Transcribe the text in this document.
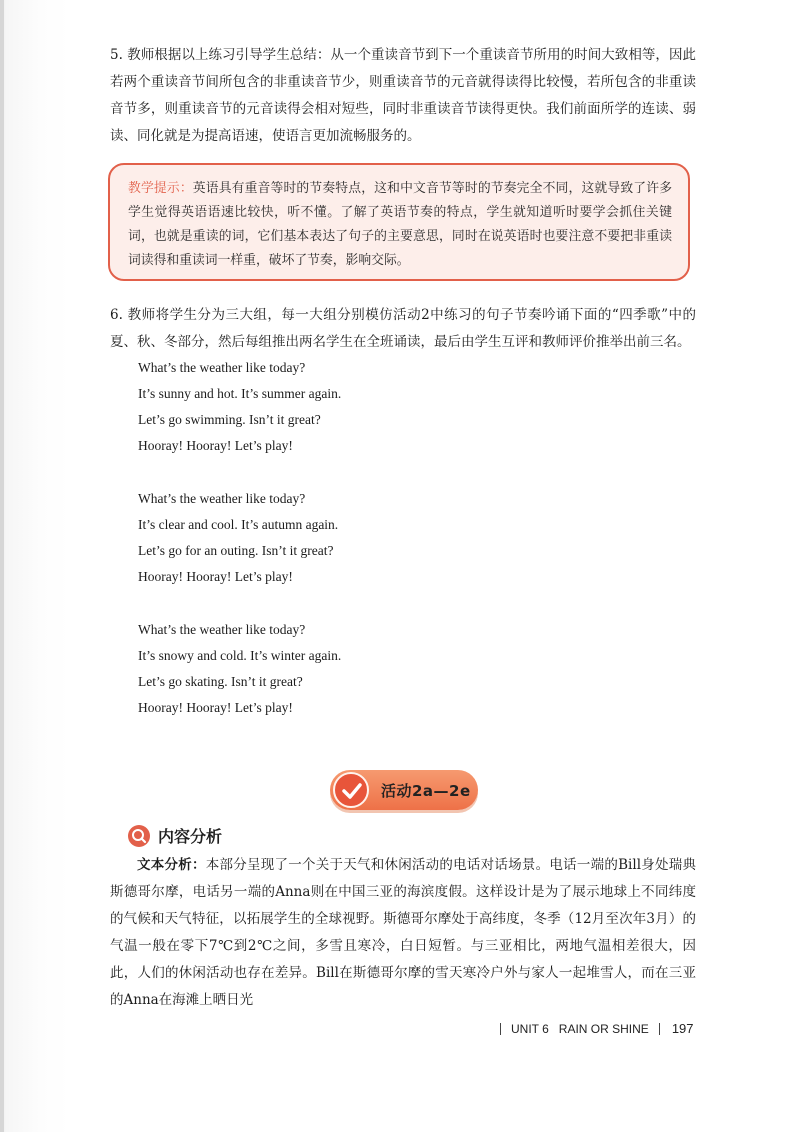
5. 教师根据以上练习引导学生总结：从一个重读音节到下一个重读音节所用的时间大致相等，因此若两个重读音节间所包含的非重读音节少，则重读音节的元音就得读得比较慢，若所包含的非重读音节多，则重读音节的元音读得会相对短些，同时非重读音节读得更快。我们前面所学的连读、弱读、同化就是为提高语速，使语言更加流畅服务的。

教学提示：英语具有重音等时的节奏特点，这和中文音节等时的节奏完全不同，这就导致了许多学生觉得英语语速比较快，听不懂。了解了英语节奏的特点，学生就知道听时要学会抓住关键词，也就是重读的词，它们基本表达了句子的主要意思，同时在说英语时也要注意不要把非重读词读得和重读词一样重，破坏了节奏，影响交际。

6. 教师将学生分为三大组，每一大组分别模仿活动2中练习的句子节奏吟诵下面的“四季歌”中的夏、秋、冬部分，然后每组推出两名学生在全班诵读，最后由学生互评和教师评价推举出前三名。

What’s the weather like today?
It’s sunny and hot. It’s summer again.
Let’s go swimming. Isn’t it great?
Hooray! Hooray! Let’s play!
What’s the weather like today?
It’s clear and cool. It’s autumn again.
Let’s go for an outing. Isn’t it great?
Hooray! Hooray! Let’s play!
What’s the weather like today?
It’s snowy and cold. It’s winter again.
Let’s go skating. Isn’t it great?
Hooray! Hooray! Let’s play!
活动2a—2e
内容分析

文本分析：本部分呈现了一个关于天气和休闲活动的电话对话场景。电话一端的Bill身处瑞典斯德哥尔摩，电话另一端的Anna则在中国三亚的海滨度假。这样设计是为了展示地球上不同纬度的气候和天气特征，以拓展学生的全球视野。斯德哥尔摩处于高纬度，冬季（12月至次年3月）的气温一般在零下7℃到2℃之间，多雪且寒冷，白日短暂。与三亚相比，两地气温相差很大，因此，人们的休闲活动也存在差异。Bill在斯德哥尔摩的雪天寒冷户外与家人一起堆雪人，而在三亚的Anna在海滩上晒日光

UNIT 6 RAIN OR SHINE 197
